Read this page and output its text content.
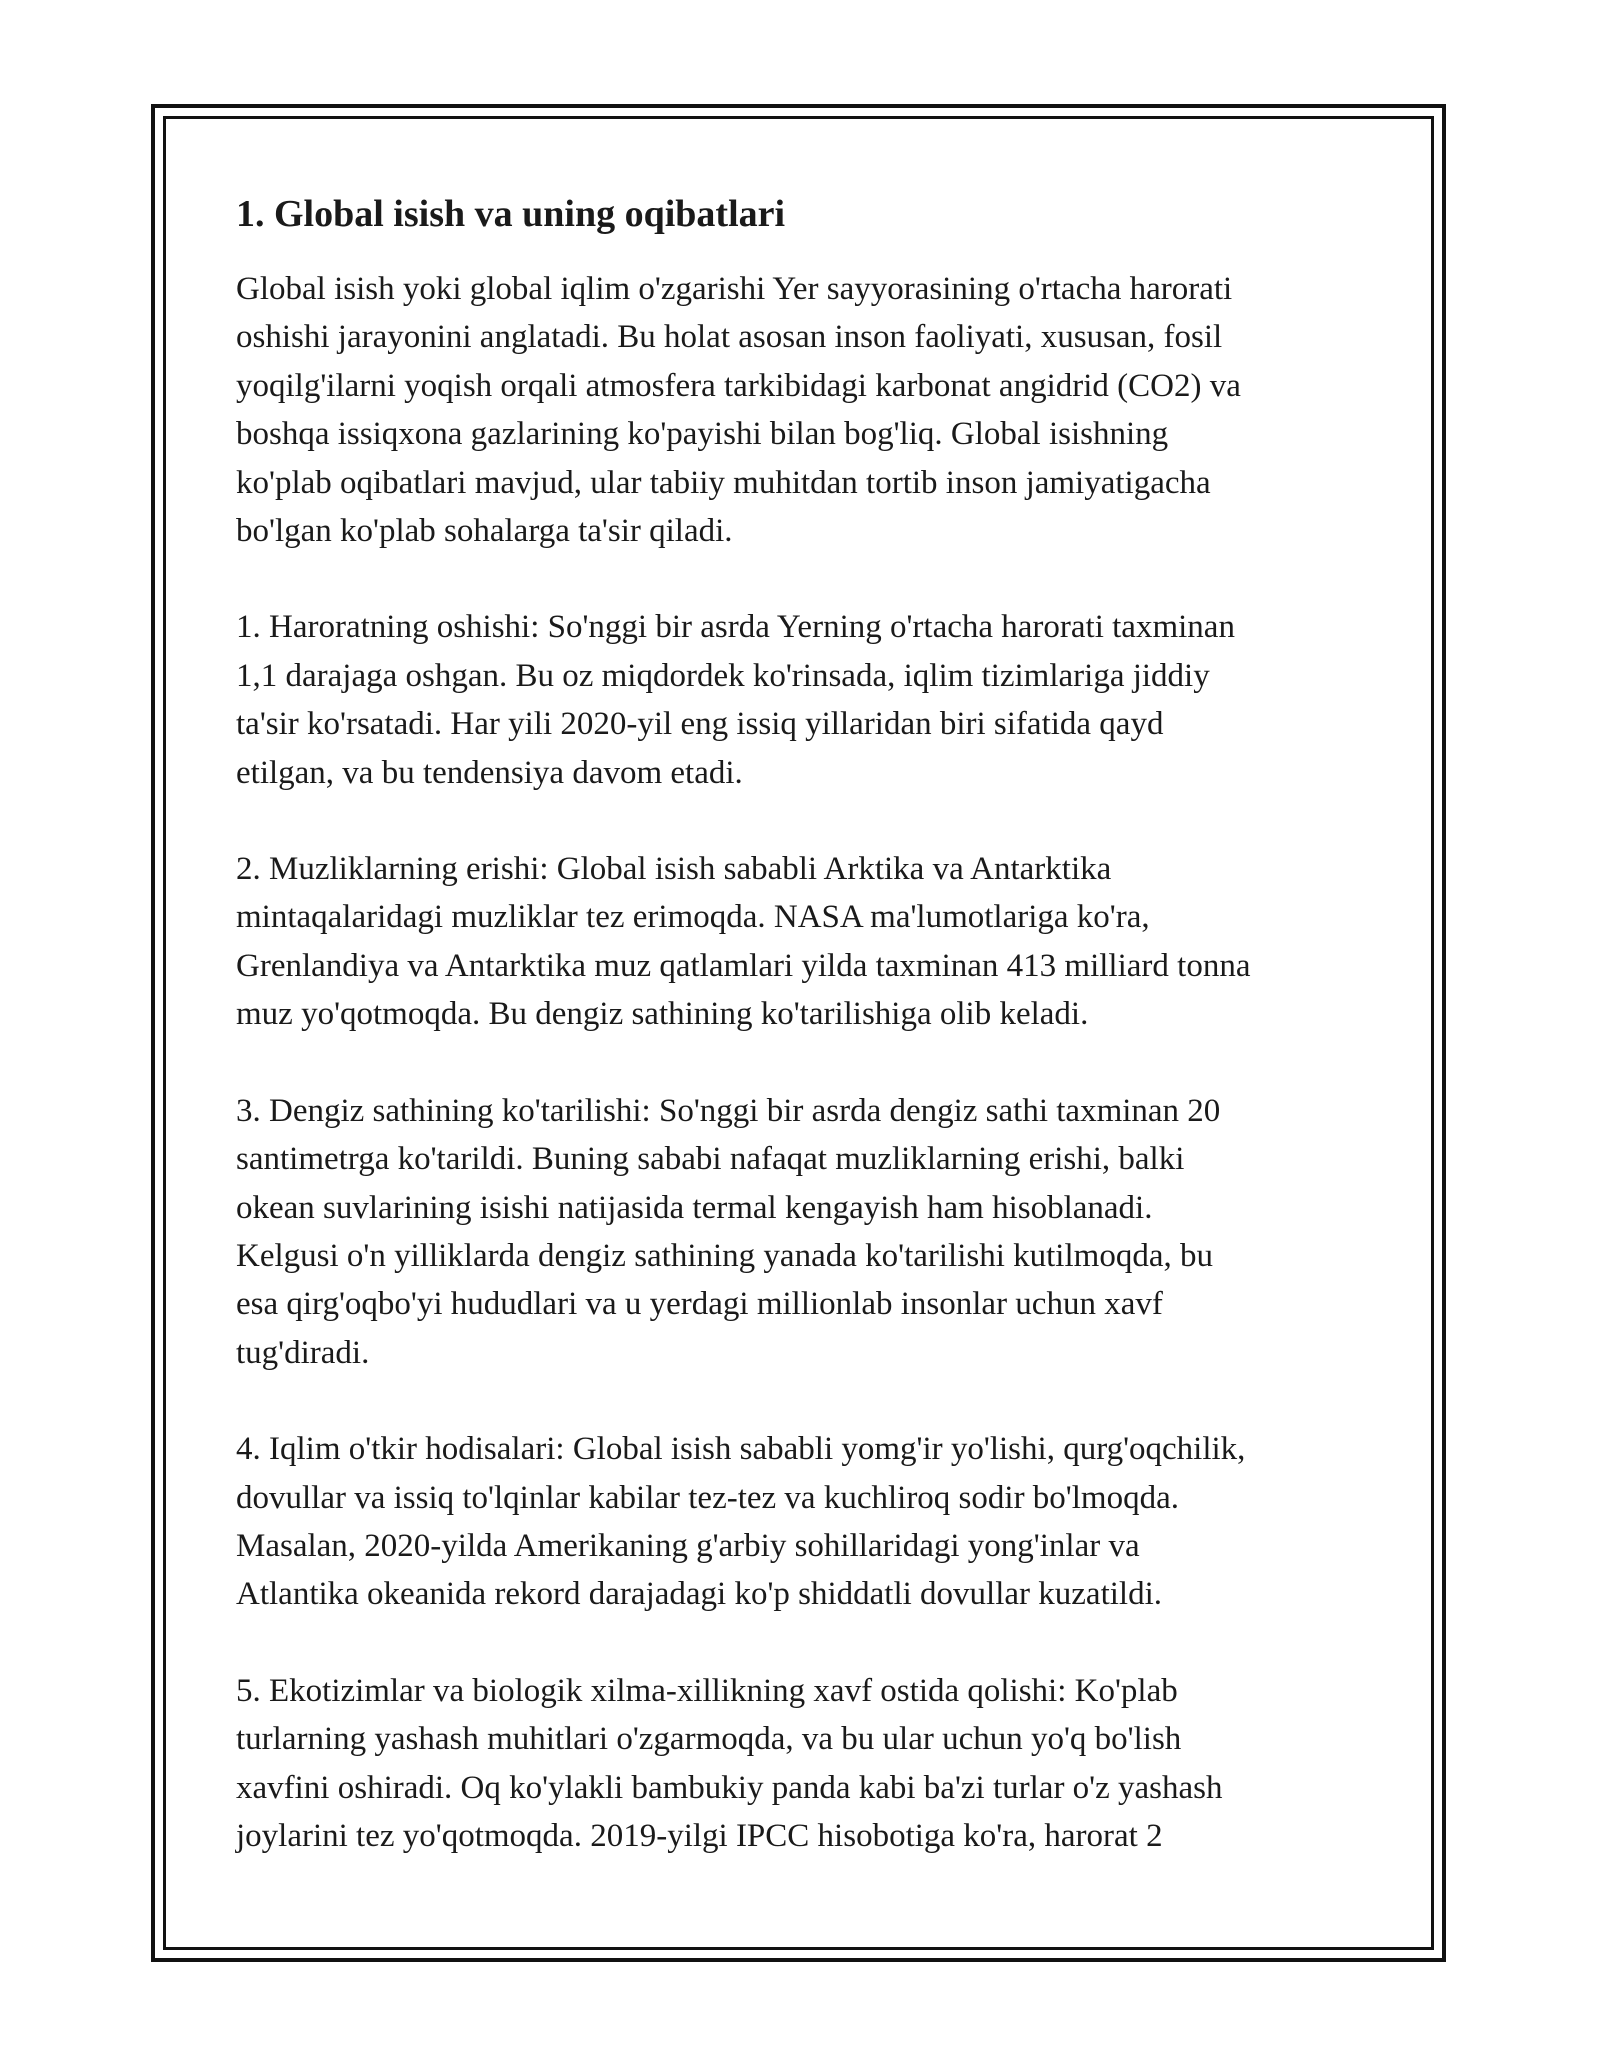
1. Global isish va uning oqibatlari

Global isish yoki global iqlim o'zgarishi Yer sayyorasining o'rtacha harorati
oshishi jarayonini anglatadi. Bu holat asosan inson faoliyati, xususan, fosil
yoqilg'ilarni yoqish orqali atmosfera tarkibidagi karbonat angidrid (CO2) va
boshqa issiqxona gazlarining ko'payishi bilan bog'liq. Global isishning
ko'plab oqibatlari mavjud, ular tabiiy muhitdan tortib inson jamiyatigacha
bo'lgan ko'plab sohalarga ta'sir qiladi.

1. Haroratning oshishi: So'nggi bir asrda Yerning o'rtacha harorati taxminan
1,1 darajaga oshgan. Bu oz miqdordek ko'rinsada, iqlim tizimlariga jiddiy
ta'sir ko'rsatadi. Har yili 2020-yil eng issiq yillaridan biri sifatida qayd
etilgan, va bu tendensiya davom etadi.

2. Muzliklarning erishi: Global isish sababli Arktika va Antarktika
mintaqalaridagi muzliklar tez erimoqda. NASA ma'lumotlariga ko'ra,
Grenlandiya va Antarktika muz qatlamlari yilda taxminan 413 milliard tonna
muz yo'qotmoqda. Bu dengiz sathining ko'tarilishiga olib keladi.

3. Dengiz sathining ko'tarilishi: So'nggi bir asrda dengiz sathi taxminan 20
santimetrga ko'tarildi. Buning sababi nafaqat muzliklarning erishi, balki
okean suvlarining isishi natijasida termal kengayish ham hisoblanadi.
Kelgusi o'n yilliklarda dengiz sathining yanada ko'tarilishi kutilmoqda, bu
esa qirg'oqbo'yi hududlari va u yerdagi millionlab insonlar uchun xavf
tug'diradi.

4. Iqlim o'tkir hodisalari: Global isish sababli yomg'ir yo'lishi, qurg'oqchilik,
dovullar va issiq to'lqinlar kabilar tez-tez va kuchliroq sodir bo'lmoqda.
Masalan, 2020-yilda Amerikaning g'arbiy sohillaridagi yong'inlar va
Atlantika okeanida rekord darajadagi ko'p shiddatli dovullar kuzatildi.

5. Ekotizimlar va biologik xilma-xillikning xavf ostida qolishi: Ko'plab
turlarning yashash muhitlari o'zgarmoqda, va bu ular uchun yo'q bo'lish
xavfini oshiradi. Oq ko'ylakli bambukiy panda kabi ba'zi turlar o'z yashash
joylarini tez yo'qotmoqda. 2019-yilgi IPCC hisobotiga ko'ra, harorat 2
